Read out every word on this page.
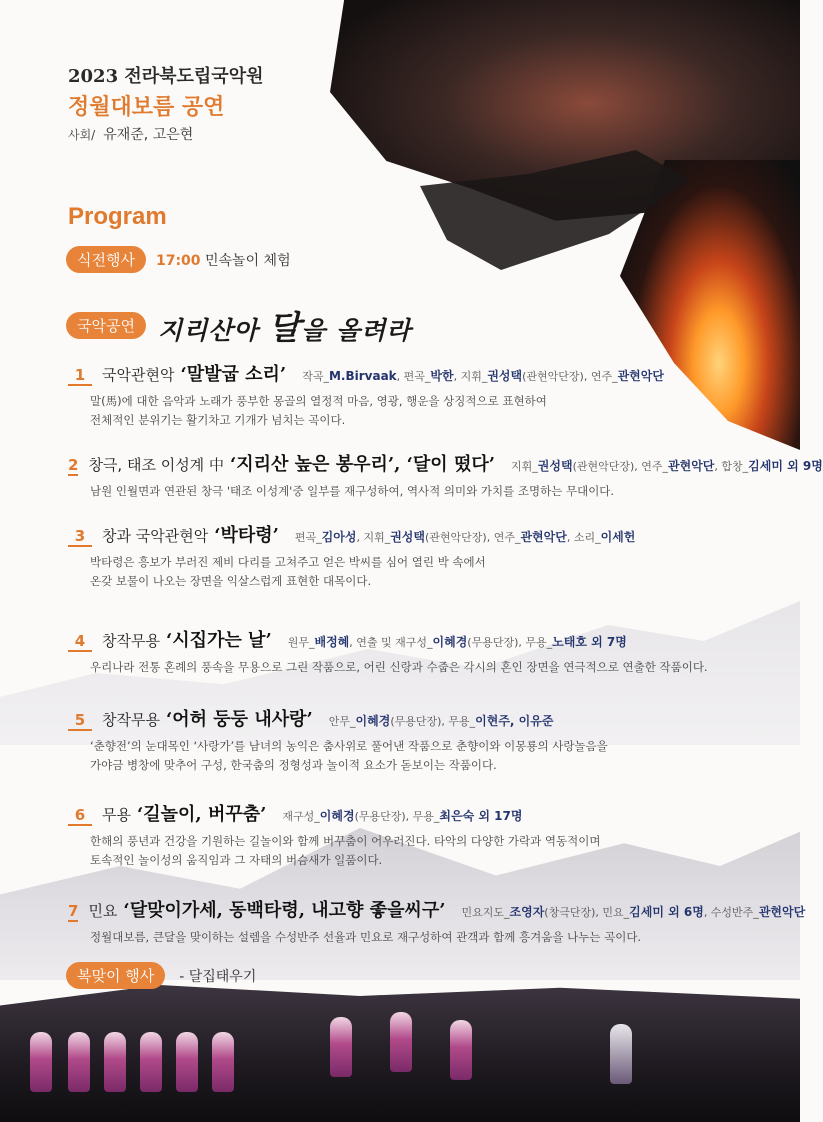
2023 전라북도립국악원
정월대보름 공연
사회/ 유재준, 고은현
Program
식전행사	17:00 민속놀이 체험
국악공연 지리산아 달을 올려라
1	국악관현악 ‘말발굽 소리’ 작곡_M.Birvaak, 편곡_박한, 지휘_권성택(관현악단장), 연주_관현악단
말(馬)에 대한 음악과 노래가 풍부한 몽골의 열정적 마음, 영광, 행운을 상징적으로 표현하여
전체적인 분위기는 활기차고 기개가 넘치는 곡이다.
2 창극, 태조 이성계 中 ‘지리산 높은 봉우리’, ‘달이 떴다’ 지휘_권성택(관현악단장), 연주_관현악단, 합창_김세미 외 9명
남원 인월면과 연관된 창극 '태조 이성계'중 일부를 재구성하여, 역사적 의미와 가치를 조명하는 무대이다.
3	창과 국악관현악 ‘박타령’ 편곡_김아성, 지휘_권성택(관현악단장), 연주_관현악단, 소리_이세헌
박타령은 흥보가 부러진 제비 다리를 고쳐주고 얻은 박씨를 심어 열린 박 속에서
온갖 보물이 나오는 장면을 익살스럽게 표현한 대목이다.
4	창작무용 ‘시집가는 날’ 원무_배정혜, 연출 및 재구성_이혜경(무용단장), 무용_노태호 외 7명
우리나라 전통 혼례의 풍속을 무용으로 그린 작품으로, 어린 신랑과 수줍은 각시의 혼인 장면을 연극적으로 연출한 작품이다.
5	창작무용 ‘어허 둥둥 내사랑’ 안무_이혜경(무용단장), 무용_이현주, 이유준
‘춘향전’의 눈대목인 ‘사랑가’를 남녀의 농익은 춤사위로 풀어낸 작품으로 춘향이와 이몽룡의 사랑놀음을
가야금 병창에 맞추어 구성, 한국춤의 정형성과 놀이적 요소가 돋보이는 작품이다.
6	무용 ‘길놀이, 버꾸춤’ 재구성_이혜경(무용단장), 무용_최은숙 외 17명
한해의 풍년과 건강을 기원하는 길놀이와 함께 버꾸춤이 어우러진다. 타악의 다양한 가락과 역동적이며
토속적인 놀이성의 움직임과 그 자태의 버슴새가 일품이다.
7 민요 ‘달맞이가세, 동백타령, 내고향 좋을씨구’ 민요지도_조영자(창극단장), 민요_김세미 외 6명, 수성반주_관현악단
정월대보름, 큰달을 맞이하는 설렘을 수성반주 선율과 민요로 재구성하여 관객과 함께 흥겨움을 나누는 곡이다.
복맞이 행사	- 달집태우기
